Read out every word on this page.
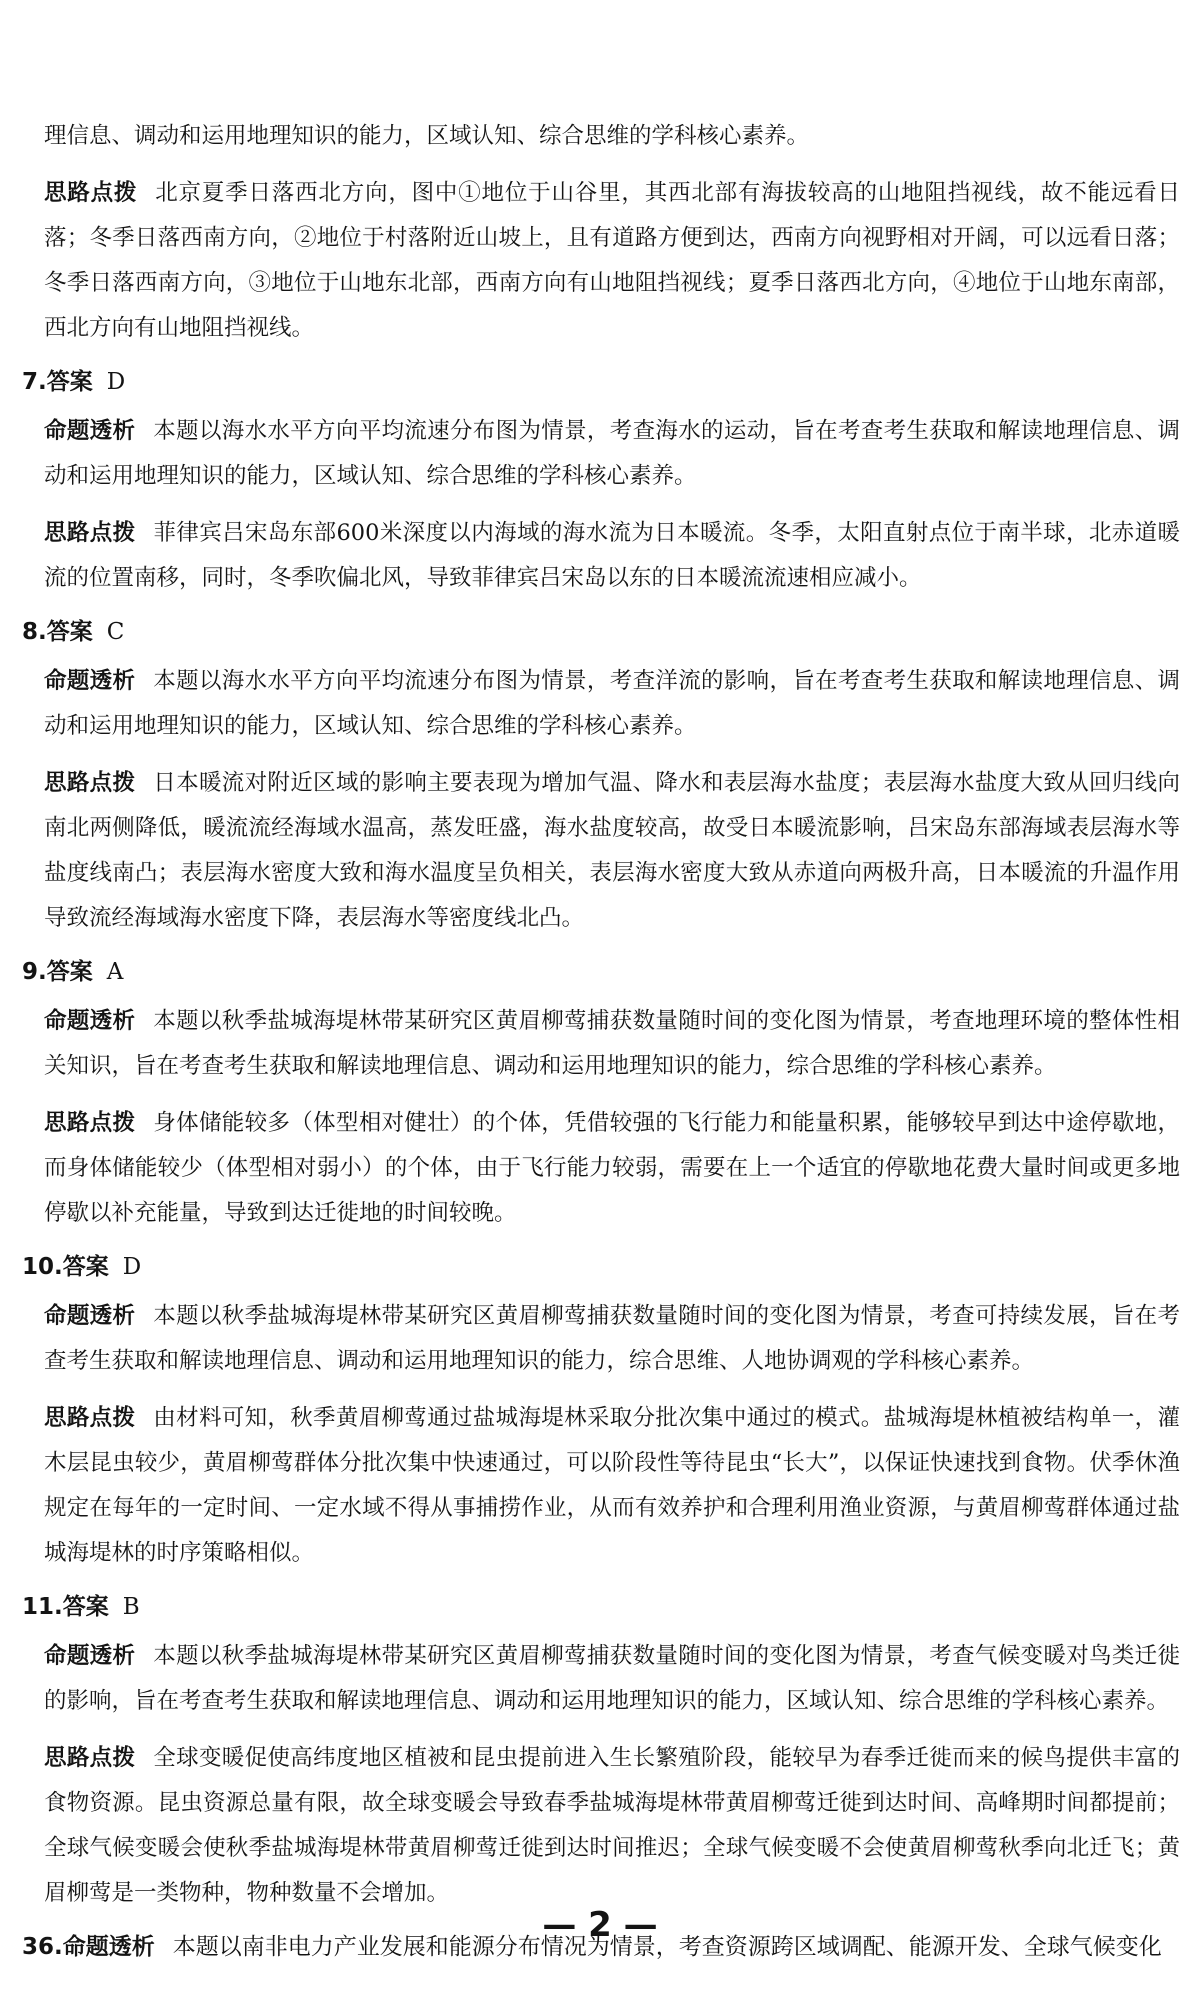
理信息、调动和运用地理知识的能力，区域认知、综合思维的学科核心素养。

思路点拨 北京夏季日落西北方向，图中①地位于山谷里，其西北部有海拔较高的山地阻挡视线，故不能远看日落；冬季日落西南方向，②地位于村落附近山坡上，且有道路方便到达，西南方向视野相对开阔，可以远看日落；冬季日落西南方向，③地位于山地东北部，西南方向有山地阻挡视线；夏季日落西北方向，④地位于山地东南部，西北方向有山地阻挡视线。

7.答案 D

命题透析 本题以海水水平方向平均流速分布图为情景，考查海水的运动，旨在考查考生获取和解读地理信息、调动和运用地理知识的能力，区域认知、综合思维的学科核心素养。

思路点拨 菲律宾吕宋岛东部600米深度以内海域的海水流为日本暖流。冬季，太阳直射点位于南半球，北赤道暖流的位置南移，同时，冬季吹偏北风，导致菲律宾吕宋岛以东的日本暖流流速相应减小。

8.答案 C

命题透析 本题以海水水平方向平均流速分布图为情景，考查洋流的影响，旨在考查考生获取和解读地理信息、调动和运用地理知识的能力，区域认知、综合思维的学科核心素养。

思路点拨 日本暖流对附近区域的影响主要表现为增加气温、降水和表层海水盐度；表层海水盐度大致从回归线向南北两侧降低，暖流流经海域水温高，蒸发旺盛，海水盐度较高，故受日本暖流影响，吕宋岛东部海域表层海水等盐度线南凸；表层海水密度大致和海水温度呈负相关，表层海水密度大致从赤道向两极升高，日本暖流的升温作用导致流经海域海水密度下降，表层海水等密度线北凸。

9.答案 A

命题透析 本题以秋季盐城海堤林带某研究区黄眉柳莺捕获数量随时间的变化图为情景，考查地理环境的整体性相关知识，旨在考查考生获取和解读地理信息、调动和运用地理知识的能力，综合思维的学科核心素养。

思路点拨 身体储能较多（体型相对健壮）的个体，凭借较强的飞行能力和能量积累，能够较早到达中途停歇地，而身体储能较少（体型相对弱小）的个体，由于飞行能力较弱，需要在上一个适宜的停歇地花费大量时间或更多地停歇以补充能量，导致到达迁徙地的时间较晚。

10.答案 D

命题透析 本题以秋季盐城海堤林带某研究区黄眉柳莺捕获数量随时间的变化图为情景，考查可持续发展，旨在考查考生获取和解读地理信息、调动和运用地理知识的能力，综合思维、人地协调观的学科核心素养。

思路点拨 由材料可知，秋季黄眉柳莺通过盐城海堤林采取分批次集中通过的模式。盐城海堤林植被结构单一，灌木层昆虫较少，黄眉柳莺群体分批次集中快速通过，可以阶段性等待昆虫“长大”，以保证快速找到食物。伏季休渔规定在每年的一定时间、一定水域不得从事捕捞作业，从而有效养护和合理利用渔业资源，与黄眉柳莺群体通过盐城海堤林的时序策略相似。

11.答案 B

命题透析 本题以秋季盐城海堤林带某研究区黄眉柳莺捕获数量随时间的变化图为情景，考查气候变暖对鸟类迁徙的影响，旨在考查考生获取和解读地理信息、调动和运用地理知识的能力，区域认知、综合思维的学科核心素养。

思路点拨 全球变暖促使高纬度地区植被和昆虫提前进入生长繁殖阶段，能较早为春季迁徙而来的候鸟提供丰富的食物资源。昆虫资源总量有限，故全球变暖会导致春季盐城海堤林带黄眉柳莺迁徙到达时间、高峰期时间都提前；全球气候变暖会使秋季盐城海堤林带黄眉柳莺迁徙到达时间推迟；全球气候变暖不会使黄眉柳莺秋季向北迁飞；黄眉柳莺是一类物种，物种数量不会增加。

36.命题透析 本题以南非电力产业发展和能源分布情况为情景，考查资源跨区域调配、能源开发、全球气候变化
— 2 —
